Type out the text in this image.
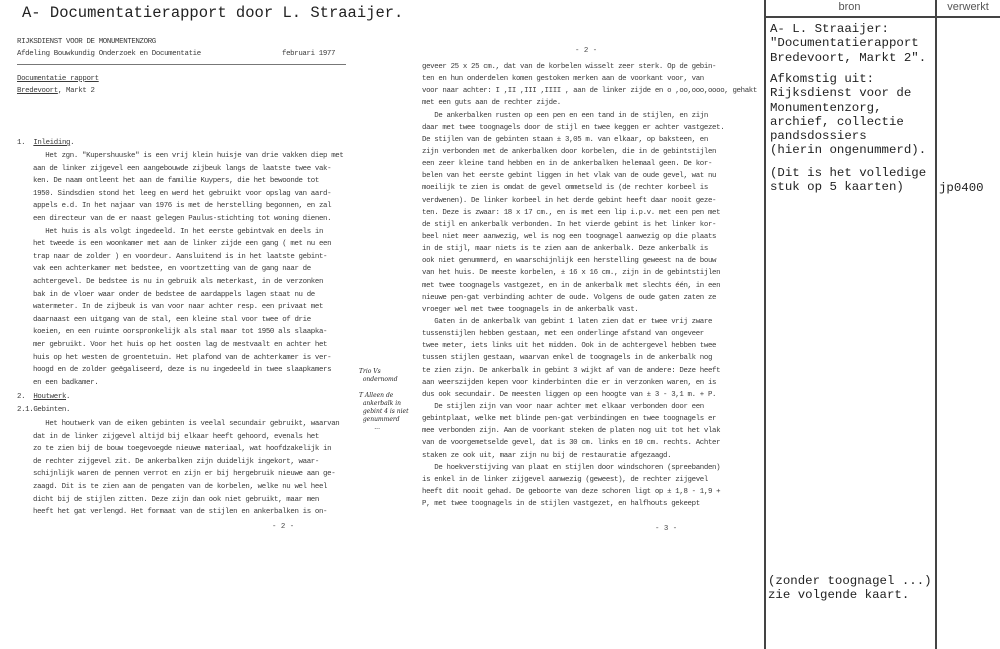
A- Documentatierapport door L. Straaijer.
RIJKSDIENST VOOR DE MONUMENTENZORG
Afdeling Bouwkundig Onderzoek en Documentatie	februari 1977
Documentatie rapport
Bredevoort, Markt 2
1. Inleiding.
Het zgn. "Kupershuuske" is een vrij klein huisje van drie vakken diep met
aan de linker zijgevel een aangebouwde zijbeuk langs de laatste twee vak-
ken. De naam ontleent het aan de familie Kuypers, die het bewoonde tot
1950. Sindsdien stond het leeg en werd het gebruikt voor opslag van aard-
appels e.d. In het najaar van 1976 is met de herstelling begonnen, en zal
een directeur van de er naast gelegen Paulus-stichting tot woning dienen.
Het huis is als volgt ingedeeld. In het eerste gebintvak en deels in
het tweede is een woonkamer met aan de linker zijde een gang ( met nu een
trap naar de zolder ) en voordeur. Aansluitend is in het laatste gebint-
vak een achterkamer met bedstee, en voortzetting van de gang naar de
achtergevel. De bedstee is nu in gebruik als meterkast, in de verzonken
bak in de vloer waar onder de bedstee de aardappels lagen staat nu de
watermeter. In de zijbeuk is van voor naar achter resp. een privaat met
daarnaast een uitgang van de stal, een kleine stal voor twee of drie
koeien, en een ruimte oorspronkelijk als stal maar tot 1950 als slaapka-
mer gebruikt. Voor het huis op het oosten lag de mestvaalt en achter het
huis op het westen de groentetuin. Het plafond van de achterkamer is ver-
hoogd en de zolder geëgaliseerd, deze is nu ingedeeld in twee slaapkamers
en een badkamer.
2. Houtwerk.
2.1.Gebinten.
Het houtwerk van de eiken gebinten is veelal secundair gebruikt, waarvan
dat in de linker zijgevel altijd bij elkaar heeft gehoord, evenals het
zo te zien bij de bouw toegevoegde nieuwe materiaal, wat hoofdzakelijk in
de rechter zijgevel zit. De ankerbalken zijn duidelijk ingekort, waar-
schijnlijk waren de pennen verrot en zijn er bij hergebruik nieuwe aan ge-
zaagd. Dit is te zien aan de pengaten van de korbelen, welke nu wel heel
dicht bij de stijlen zitten. Deze zijn dan ook niet gebruikt, maar men
heeft het gat verlengd. Het formaat van de stijlen en ankerbalken is on-
- 2 -
Trio Vs
ondernomd
T Alleen de
ankerbalk in
gebint 4 is niet
genummerd
...
- 2 -
geveer 25 x 25 cm., dat van de korbelen wisselt zeer sterk. Op de gebin-
ten en hun onderdelen komen gestoken merken aan de voorkant voor, van
voor naar achter: I ,II ,III ,IIII , aan de linker zijde en o ,oo,ooo,oooo, gehakt
met een guts aan de rechter zijde.
De ankerbalken rusten op een pen en een tand in de stijlen, en zijn
daar met twee toognagels door de stijl en twee keggen er achter vastgezet.
De stijlen van de gebinten staan ± 3,05 m. van elkaar, op baksteen, en
zijn verbonden met de ankerbalken door korbelen, die in de gebintstijlen
een zeer kleine tand hebben en in de ankerbalken helemaal geen. De kor-
belen van het eerste gebint liggen in het vlak van de oude gevel, wat nu
moeilijk te zien is omdat de gevel ommetseld is (de rechter korbeel is
verdwenen). De linker korbeel in het derde gebint heeft daar nooit geze-
ten. Deze is zwaar: 18 x 17 cm., en is met een lip i.p.v. met een pen met
de stijl en ankerbalk verbonden. In het vierde gebint is het linker kor-
beel niet meer aanwezig, wel is nog een toognagel aanwezig op die plaats
in de stijl, maar niets is te zien aan de ankerbalk. Deze ankerbalk is
ook niet genummerd, en waarschijnlijk een herstelling geweest na de bouw
van het huis. De meeste korbelen, ± 16 x 16 cm., zijn in de gebintstijlen
met twee toognagels vastgezet, en in de ankerbalk met slechts één, in een
nieuwe pen-gat verbinding achter de oude. Volgens de oude gaten zaten ze
vroeger wel met twee toognagels in de ankerbalk vast.
Gaten in de ankerbalk van gebint 1 laten zien dat er twee vrij zware
tussenstijlen hebben gestaan, met een onderlinge afstand van ongeveer
twee meter, iets links uit het midden. Ook in de achtergevel hebben twee
tussen stijlen gestaan, waarvan enkel de toognagels in de ankerbalk nog
te zien zijn. De ankerbalk in gebint 3 wijkt af van de andere: Deze heeft
aan weerszijden kepen voor kinderbinten die er in verzonken waren, en is
dus ook secundair. De meesten liggen op een hoogte van ± 3 - 3,1 m. + P.
De stijlen zijn van voor naar achter met elkaar verbonden door een
gebintplaat, welke met blinde pen-gat verbindingen en twee toognagels er
mee verbonden zijn. Aan de voorkant steken de platen nog uit tot het vlak
van de voorgemetselde gevel, dat is 30 cm. links en 10 cm. rechts. Achter
staken ze ook uit, maar zijn nu bij de restauratie afgezaagd.
De hoekverstijving van plaat en stijlen door windschoren (spreebanden)
is enkel in de linker zijgevel aanwezig (geweest), de rechter zijgevel
heeft dit nooit gehad. De geboorte van deze schoren ligt op ± 1,8 - 1,9 +
P, met twee toognagels in de stijlen vastgezet, en halfhouts gekeept
- 3 -
bron	verwerkt
A- L. Straaijer:
"Documentatierapport
Bredevoort, Markt 2".
Afkomstig uit:
Rijksdienst voor de
Monumentenzorg,
archief, collectie
pandsdossiers
(hierin ongenummerd).
(Dit is het volledige
stuk op 5 kaarten)	jp0400
(zonder toognagel ...)
zie volgende kaart.
